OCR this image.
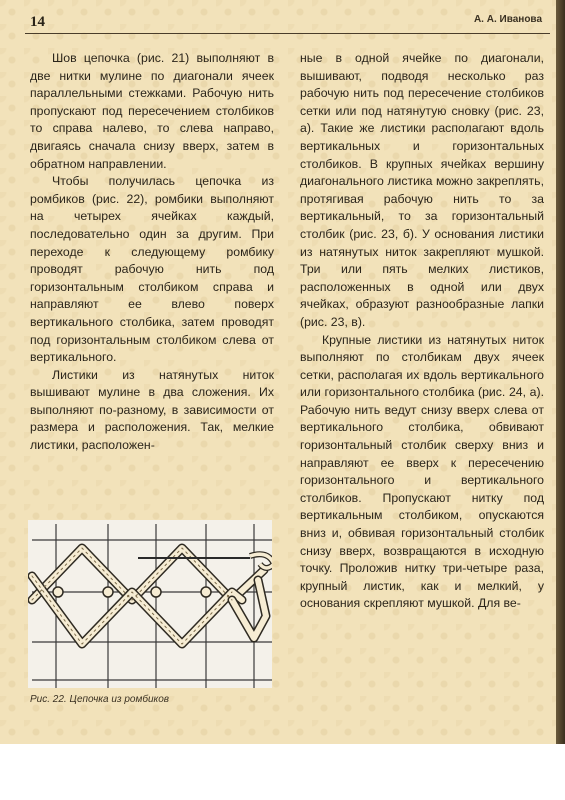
14	А. А. Иванова

Шов цепочка (рис. 21) выполняют в две нитки мулине по диагонали ячеек параллельными стежками. Рабочую нить пропускают под пересечением столбиков то справа налево, то слева направо, двигаясь сначала снизу вверх, затем в обратном направлении.

Чтобы получилась цепочка из ромбиков (рис. 22), ромбики выполняют на четырех ячейках каждый, последовательно один за другим. При переходе к следующему ромбику проводят рабочую нить под горизонтальным столбиком справа и направляют ее влево поверх вертикального столбика, затем проводят под горизонтальным столбиком слева от вертикального.

Листики из натянутых ниток вышивают мулине в два сложения. Их выполняют по-разному, в зависимости от размера и расположения. Так, мелкие листики, расположен-

ные в одной ячейке по диагонали, вышивают, подводя несколько раз рабочую нить под пересечение столбиков сетки или под натянутую сновку (рис. 23, а). Такие же листики располагают вдоль вертикальных и горизонтальных столбиков. В крупных ячейках вершину диагонального листика можно закреплять, протягивая рабочую нить то за вертикальный, то за горизонтальный столбик (рис. 23, б). У основания листики из натянутых ниток закрепляют мушкой. Три или пять мелких листиков, расположенных в одной или двух ячейках, образуют разнообразные лапки (рис. 23, в).

Крупные листики из натянутых ниток выполняют по столбикам двух ячеек сетки, располагая их вдоль вертикального или горизонтального столбика (рис. 24, а). Рабочую нить ведут снизу вверх слева от вертикального столбика, обвивают горизонтальный столбик сверху вниз и направляют ее вверх к пересечению горизонтального и вертикального столбиков. Пропускают нитку под вертикальным столбиком, опускаются вниз и, обвивая горизонтальный столбик снизу вверх, возвращаются в исходную точку. Проложив нитку три-четыре раза, крупный листик, как и мелкий, у основания скрепляют мушкой. Для ве-

Рис. 22. Цепочка из ромбиков
